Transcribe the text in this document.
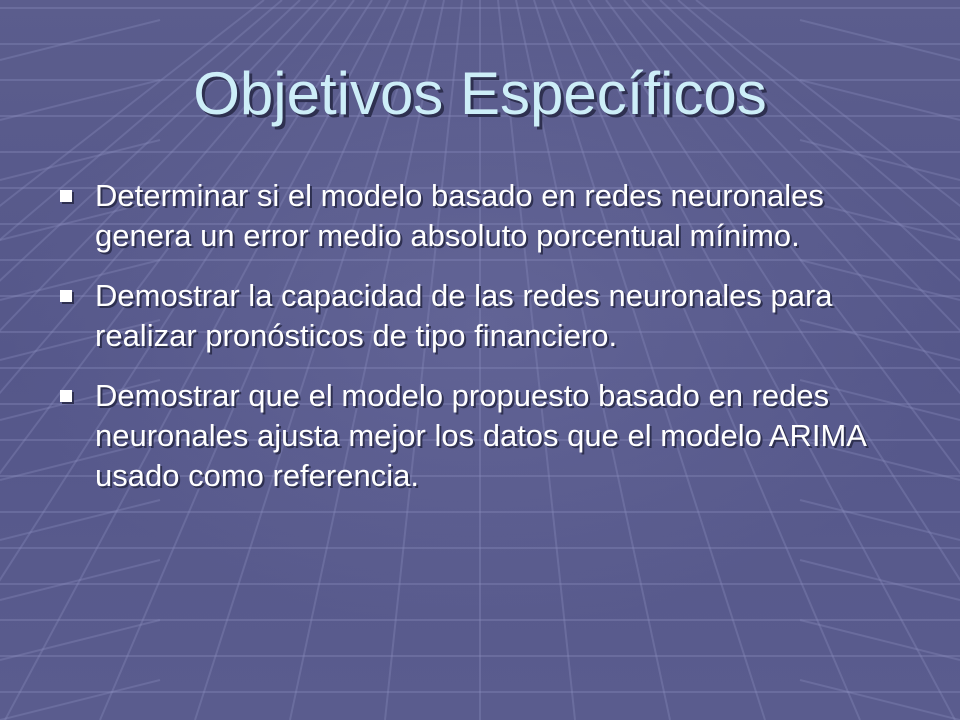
Objetivos Específicos
Determinar si el modelo basado en redes neuronales genera un error medio absoluto porcentual mínimo.
Demostrar la capacidad de las redes neuronales para realizar pronósticos de tipo financiero.
Demostrar que el modelo propuesto basado en redes neuronales ajusta mejor los datos que el modelo ARIMA usado como referencia.
